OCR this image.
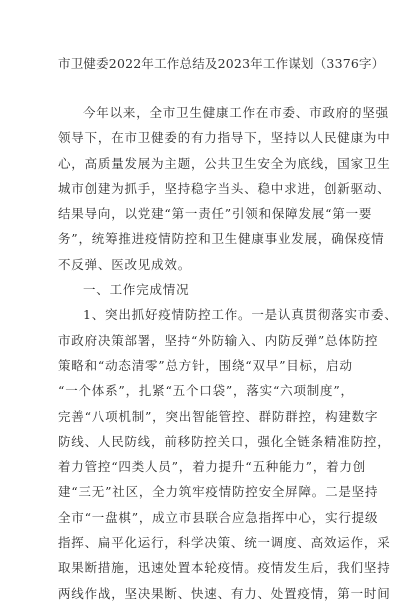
市卫健委2022年工作总结及2023年工作谋划（3376字）
今年以来，全市卫生健康工作在市委、市政府的坚强
领导下，在市卫健委的有力指导下，坚持以人民健康为中
心，高质量发展为主题，公共卫生安全为底线，国家卫生
城市创建为抓手，坚持稳字当头、稳中求进，创新驱动、
结果导向，以党建“第一责任”引领和保障发展“第一要
务”，统筹推进疫情防控和卫生健康事业发展，确保疫情
不反弹、医改见成效。
一、工作完成情况
1、突出抓好疫情防控工作。一是认真贯彻落实市委、
市政府决策部署，坚持“外防输入、内防反弹”总体防控
策略和“动态清零”总方针，围绕“双早”目标，启动
“一个体系”，扎紧“五个口袋”，落实“六项制度”，
完善“八项机制”，突出智能管控、群防群控，构建数字
防线、人民防线，前移防控关口，强化全链条精准防控，
着力管控“四类人员”，着力提升“五种能力”，着力创
建“三无”社区，全力筑牢疫情防控安全屏障。二是坚持
全市“一盘棋”，成立市县联合应急指挥中心，实行提级
指挥、扁平化运行，科学决策、统一调度、高效运作，采
取果断措施，迅速处置本轮疫情。疫情发生后，我们坚持
两线作战，坚决果断、快速、有力、处置疫情，第一时间
